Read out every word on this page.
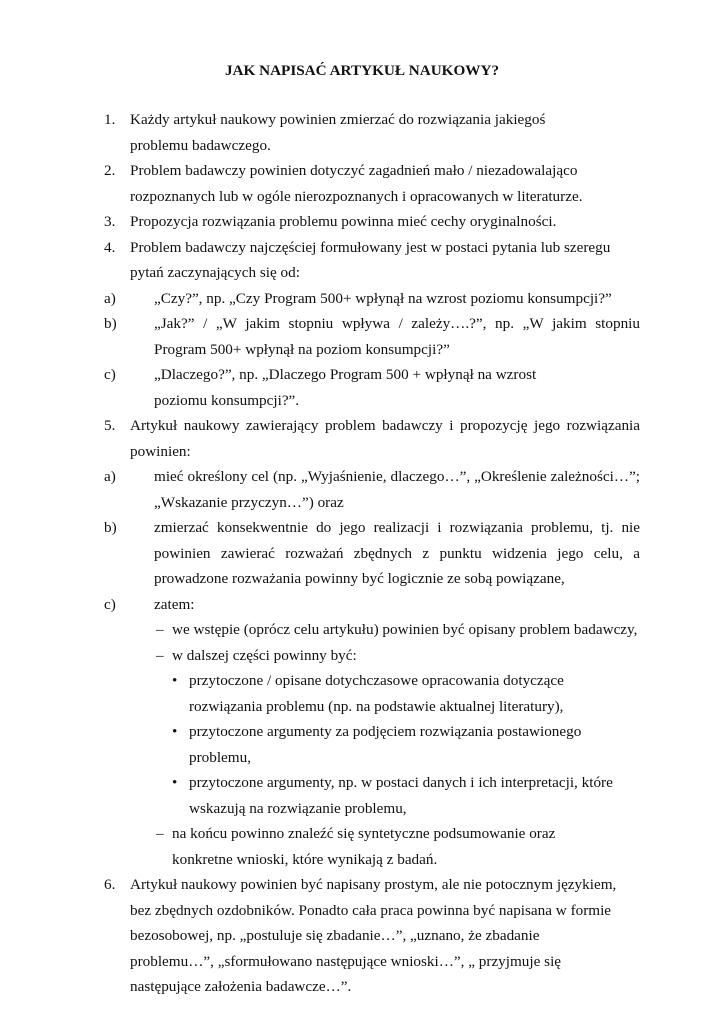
JAK NAPISAĆ ARTYKUŁ NAUKOWY?
1. Każdy artykuł naukowy powinien zmierzać do rozwiązania jakiegoś problemu badawczego.

2. Problem badawczy powinien dotyczyć zagadnień mało / niezadowalająco rozpoznanych lub w ogóle nierozpoznanych i opracowanych w literaturze.

3. Propozycja rozwiązania problemu powinna mieć cechy oryginalności.

4. Problem badawczy najczęściej formułowany jest w postaci pytania lub szeregu pytań zaczynających się od:

a)	„Czy?”, np. „Czy Program 500+ wpłynął na wzrost poziomu konsumpcji?”

b) „Jak?” / „W jakim stopniu wpływa / zależy….?”, np. „W jakim stopniu Program 500+ wpłynął na poziom konsumpcji?”

c)	„Dlaczego?”, np. „Dlaczego Program 500 + wpłynął na wzrost poziomu konsumpcji?”.

5. Artykuł naukowy zawierający problem badawczy i propozycję jego rozwiązania powinien:

a)	mieć określony cel (np. „Wyjaśnienie, dlaczego…”, „Określenie zależności…”; „Wskazanie przyczyn…”) oraz

b) zmierzać konsekwentnie do jego realizacji i rozwiązania problemu, tj. nie powinien zawierać rozważań zbędnych z punktu widzenia jego celu, a prowadzone rozważania powinny być logicznie ze sobą powiązane,

c)	zatem:

– we wstępie (oprócz celu artykułu) powinien być opisany problem badawczy,

– w dalszej części powinny być:

• przytoczone / opisane dotychczasowe opracowania dotyczące rozwiązania problemu (np. na podstawie aktualnej literatury),

• przytoczone argumenty za podjęciem rozwiązania postawionego problemu,

• przytoczone argumenty, np. w postaci danych i ich interpretacji, które wskazują na rozwiązanie problemu,

– na końcu powinno znaleźć się syntetyczne podsumowanie oraz konkretne wnioski, które wynikają z badań.

6. Artykuł naukowy powinien być napisany prostym, ale nie potocznym językiem, bez zbędnych ozdobników. Ponadto cała praca powinna być napisana w formie bezosobowej, np. „postuluje się zbadanie…”, „uznano, że zbadanie problemu…”, „sformułowano następujące wnioski…”, „ przyjmuje się następujące założenia badawcze…”.
